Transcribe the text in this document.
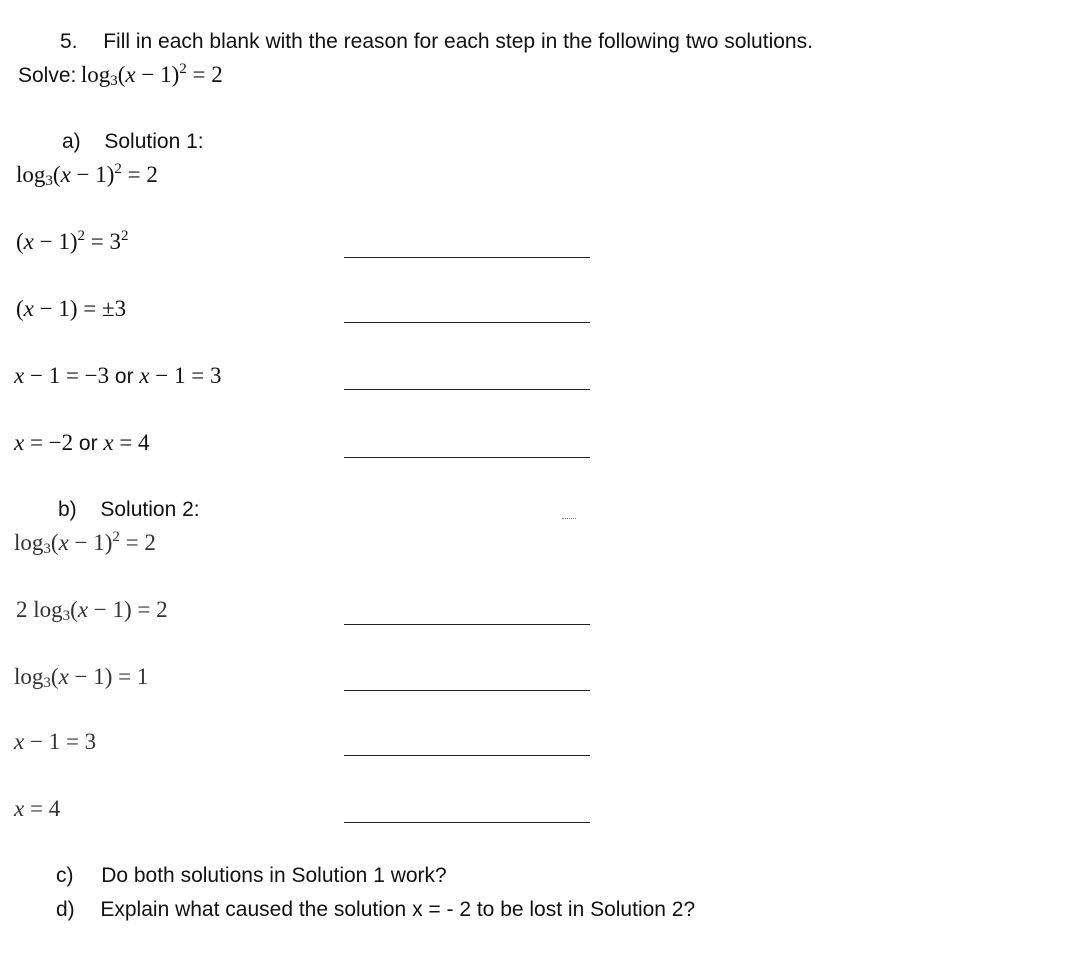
5. Fill in each blank with the reason for each step in the following two solutions.
Solve: $\log_3(x - 1)^2 = 2$
a) Solution 1:
$\log_3(x - 1)^2 = 2$
$(x - 1)^2 = 3^2$
(x − 1) = ±3
x − 1 = −3 or x − 1 = 3
x = −2 or x = 4
b) Solution 2:
$\log_3(x - 1)^2 = 2$
2 $\log_3(x - 1) = 2$
$\log_3(x - 1) = 1$
x − 1 = 3
x = 4
c) Do both solutions in Solution 1 work?
d) Explain what caused the solution x = - 2 to be lost in Solution 2?
